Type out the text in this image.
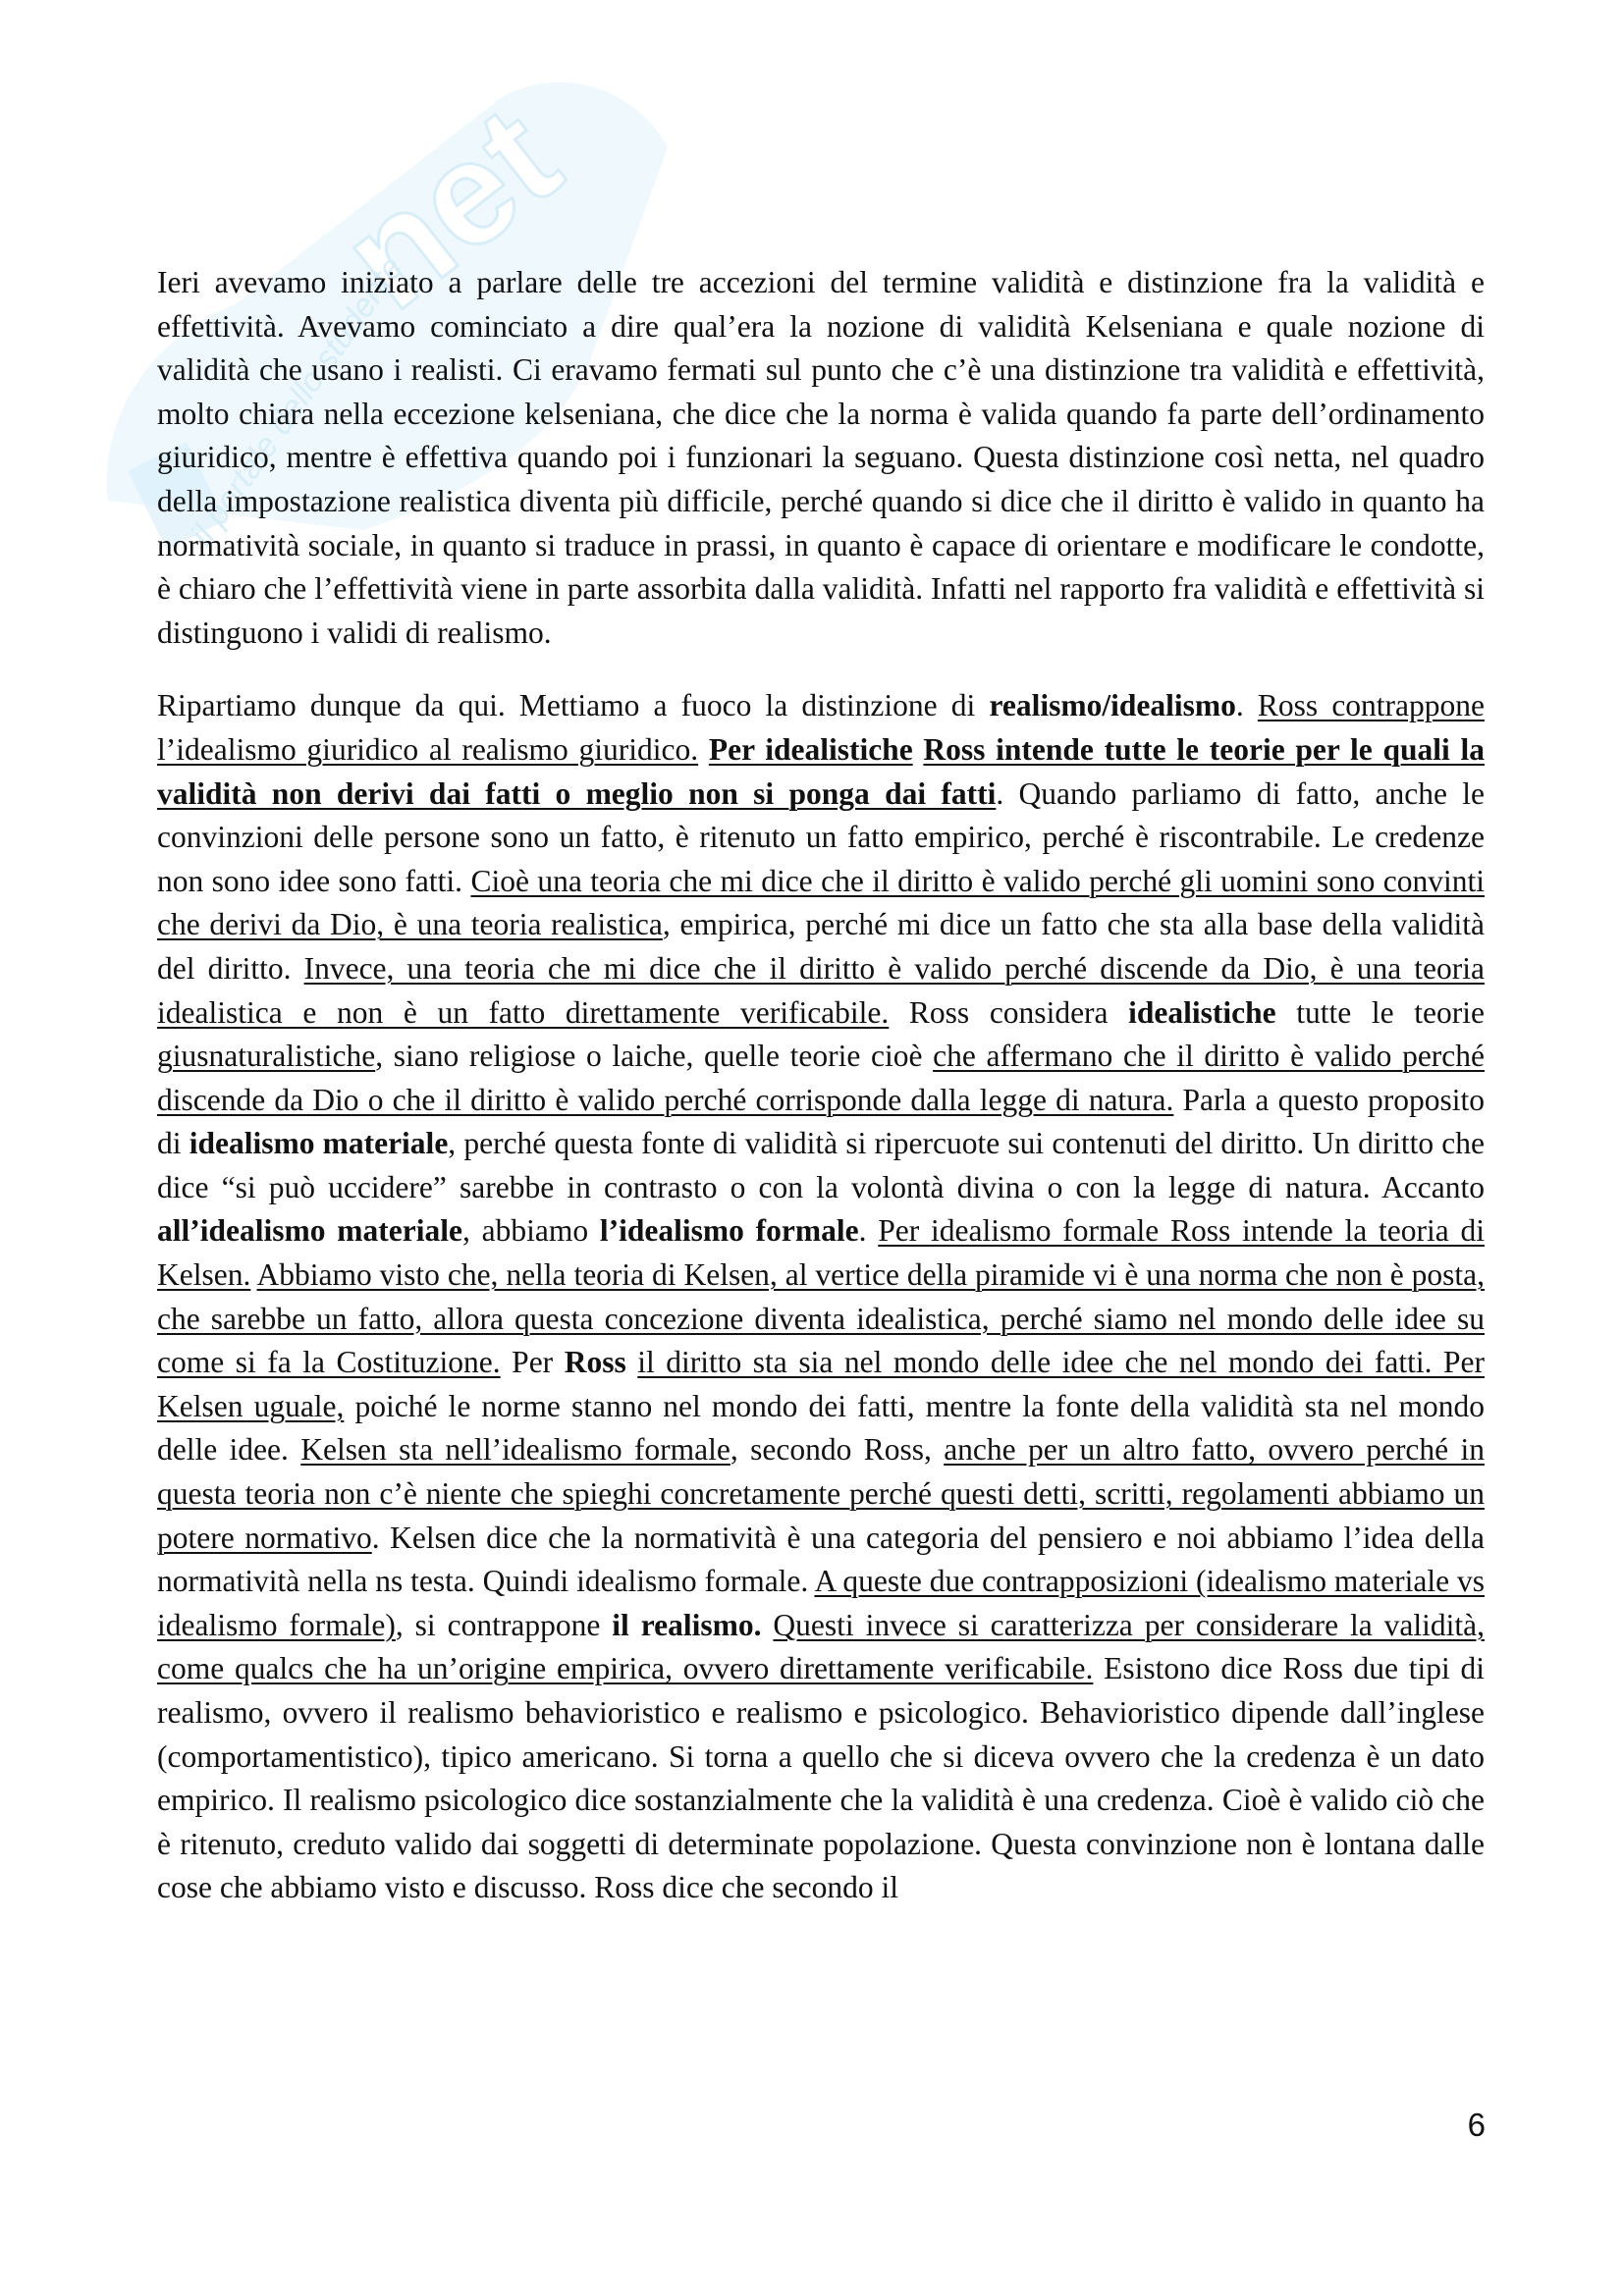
net
il portale dello studente

Ieri avevamo iniziato a parlare delle tre accezioni del termine validità e distinzione fra la validità e effettività. Avevamo cominciato a dire qual’era la nozione di validità Kelseniana e quale nozione di validità che usano i realisti. Ci eravamo fermati sul punto che c’è una distinzione tra validità e effettività, molto chiara nella eccezione kelseniana, che dice che la norma è valida quando fa parte dell’ordinamento giuridico, mentre è effettiva quando poi i funzionari la seguano. Questa distinzione così netta, nel quadro della impostazione realistica diventa più difficile, perché quando si dice che il diritto è valido in quanto ha normatività sociale, in quanto si traduce in prassi, in quanto è capace di orientare e modificare le condotte, è chiaro che l’effettività viene in parte assorbita dalla validità. Infatti nel rapporto fra validità e effettività si distinguono i validi di realismo.

Ripartiamo dunque da qui. Mettiamo a fuoco la distinzione di realismo/idealismo. Ross contrappone l’idealismo giuridico al realismo giuridico. Per idealistiche Ross intende tutte le teorie per le quali la validità non derivi dai fatti o meglio non si ponga dai fatti. Quando parliamo di fatto, anche le convinzioni delle persone sono un fatto, è ritenuto un fatto empirico, perché è riscontrabile. Le credenze non sono idee sono fatti. Cioè una teoria che mi dice che il diritto è valido perché gli uomini sono convinti che derivi da Dio, è una teoria realistica, empirica, perché mi dice un fatto che sta alla base della validità del diritto. Invece, una teoria che mi dice che il diritto è valido perché discende da Dio, è una teoria idealistica e non è un fatto direttamente verificabile. Ross considera idealistiche tutte le teorie giusnaturalistiche, siano religiose o laiche, quelle teorie cioè che affermano che il diritto è valido perché discende da Dio o che il diritto è valido perché corrisponde dalla legge di natura. Parla a questo proposito di idealismo materiale, perché questa fonte di validità si ripercuote sui contenuti del diritto. Un diritto che dice “si può uccidere” sarebbe in contrasto o con la volontà divina o con la legge di natura. Accanto all’idealismo materiale, abbiamo l’idealismo formale. Per idealismo formale Ross intende la teoria di Kelsen. Abbiamo visto che, nella teoria di Kelsen, al vertice della piramide vi è una norma che non è posta, che sarebbe un fatto, allora questa concezione diventa idealistica, perché siamo nel mondo delle idee su come si fa la Costituzione. Per Ross il diritto sta sia nel mondo delle idee che nel mondo dei fatti. Per Kelsen uguale, poiché le norme stanno nel mondo dei fatti, mentre la fonte della validità sta nel mondo delle idee. Kelsen sta nell’idealismo formale, secondo Ross, anche per un altro fatto, ovvero perché in questa teoria non c’è niente che spieghi concretamente perché questi detti, scritti, regolamenti abbiamo un potere normativo. Kelsen dice che la normatività è una categoria del pensiero e noi abbiamo l’idea della normatività nella ns testa. Quindi idealismo formale. A queste due contrapposizioni (idealismo materiale vs idealismo formale), si contrappone il realismo. Questi invece si caratterizza per considerare la validità, come qualcs che ha un’origine empirica, ovvero direttamente verificabile. Esistono dice Ross due tipi di realismo, ovvero il realismo behavioristico e realismo e psicologico. Behavioristico dipende dall’inglese (comportamentistico), tipico americano. Si torna a quello che si diceva ovvero che la credenza è un dato empirico. Il realismo psicologico dice sostanzialmente che la validità è una credenza. Cioè è valido ciò che è ritenuto, creduto valido dai soggetti di determinate popolazione. Questa convinzione non è lontana dalle cose che abbiamo visto e discusso. Ross dice che secondo il

6
